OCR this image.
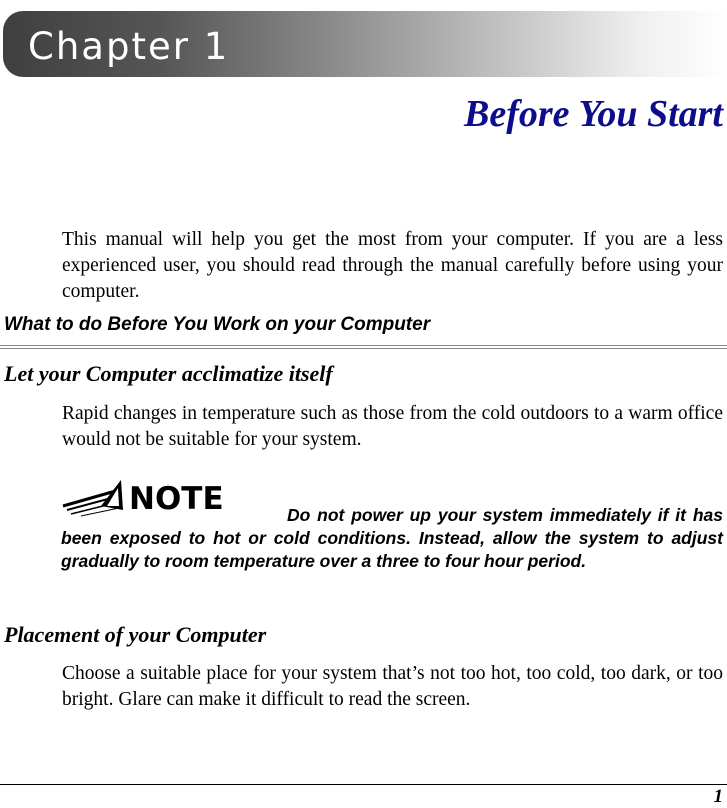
Chapter 1
Before You Start
This manual will help you get the most from your computer. If you are a less experienced user, you should read through the manual carefully before using your computer.
What to do Before You Work on your Computer
Let your Computer acclimatize itself
Rapid changes in temperature such as those from the cold outdoors to a warm office would not be suitable for your system.
NOTE	Do not power up your system immediately if it has been exposed to hot or cold conditions. Instead, allow the system to adjust gradually to room temperature over a three to four hour period.
Placement of your Computer
Choose a suitable place for your system that’s not too hot, too cold, too dark, or too bright. Glare can make it difficult to read the screen.
1
